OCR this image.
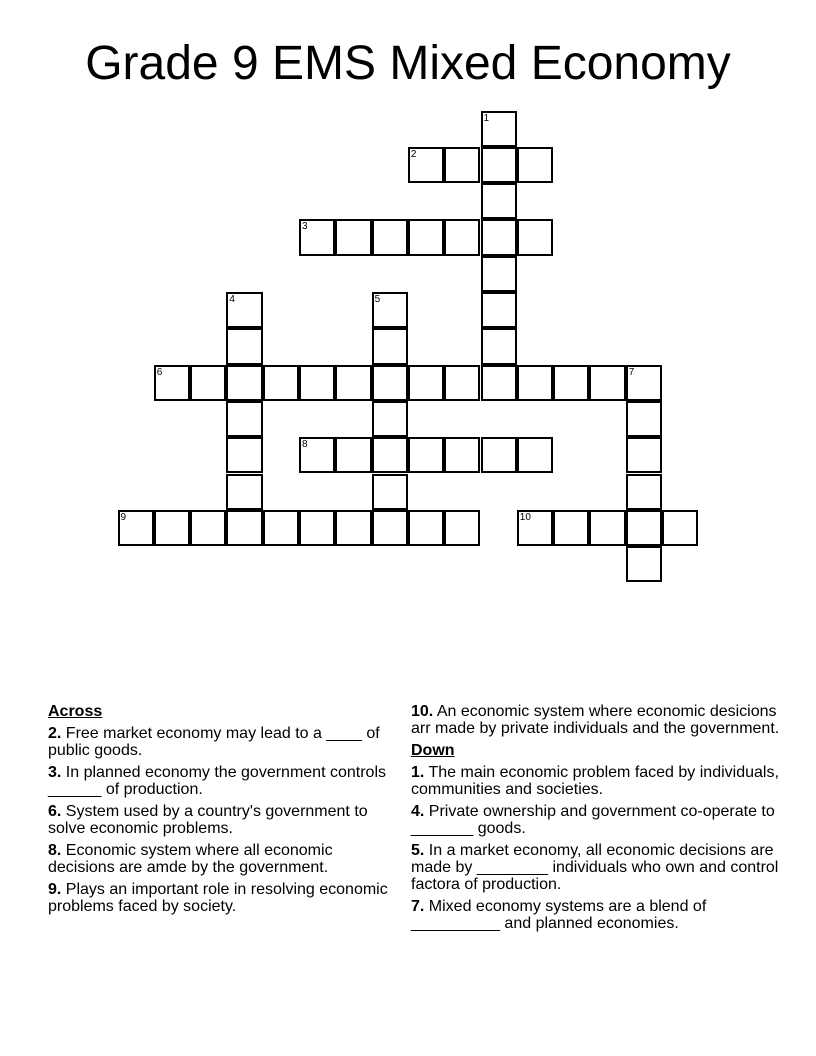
Grade 9 EMS Mixed Economy
2
3
6	7
8
9	10
1
4	5
Across
2. Free market economy may lead to a ____ of public goods.
3. In planned economy the government controls ______ of production.
6. System used by a country's government to solve economic problems.
8. Economic system where all economic decisions are amde by the government.
9. Plays an important role in resolving economic problems faced by society.
10. An economic system where economic desicions arr made by private individuals and the government.
Down
1. The main economic problem faced by individuals, communities and societies.
4. Private ownership and government co-operate to _______ goods.
5. In a market economy, all economic decisions are made by ________ individuals who own and control factora of production.
7. Mixed economy systems are a blend of __________ and planned economies.
